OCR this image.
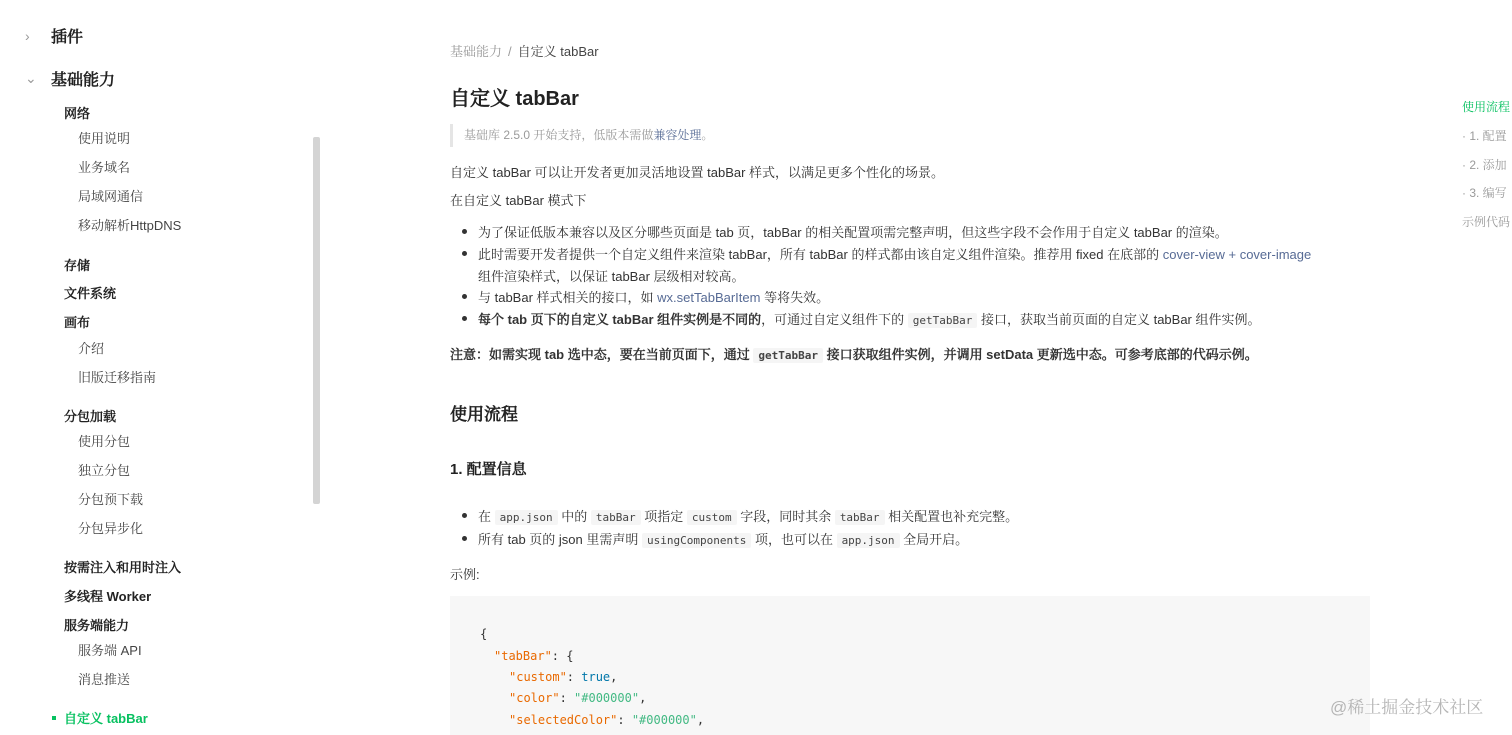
›	插件
⌄ 基础能力
网络
使用说明
业务域名
局域网通信
移动解析HttpDNS
存储
文件系统
画布
介绍
旧版迁移指南
分包加载
使用分包
独立分包
分包预下载
分包异步化
按需注入和用时注入
多线程 Worker
服务端能力
服务端 API
消息推送
自定义 tabBar
基础能力 / 自定义 tabBar
自定义 tabBar
基础库 2.5.0 开始支持，低版本需做兼容处理。

自定义 tabBar 可以让开发者更加灵活地设置 tabBar 样式，以满足更多个性化的场景。

在自定义 tabBar 模式下

为了保证低版本兼容以及区分哪些页面是 tab 页，tabBar 的相关配置项需完整声明，但这些字段不会作用于自定义 tabBar 的渲染。
此时需要开发者提供一个自定义组件来渲染 tabBar，所有 tabBar 的样式都由该自定义组件渲染。推荐用 fixed 在底部的 cover-view + cover-image
组件渲染样式，以保证 tabBar 层级相对较高。
与 tabBar 样式相关的接口，如 wx.setTabBarItem 等将失效。
每个 tab 页下的自定义 tabBar 组件实例是不同的，可通过自定义组件下的 getTabBar 接口，获取当前页面的自定义 tabBar 组件实例。

注意：如需实现 tab 选中态，要在当前页面下，通过 getTabBar 接口获取组件实例，并调用 setData 更新选中态。可参考底部的代码示例。

使用流程
1. 配置信息
在 app.json 中的 tabBar 项指定 custom 字段，同时其余 tabBar 相关配置也补充完整。
所有 tab 页的 json 里需声明 usingComponents 项，也可以在 app.json 全局开启。

示例:

{
"tabBar": {
"custom": true,
"color": "#000000",
"selectedColor": "#000000",
使用流程
· 1. 配置
· 2. 添加
· 3. 编写
示例代码
@稀土掘金技术社区
